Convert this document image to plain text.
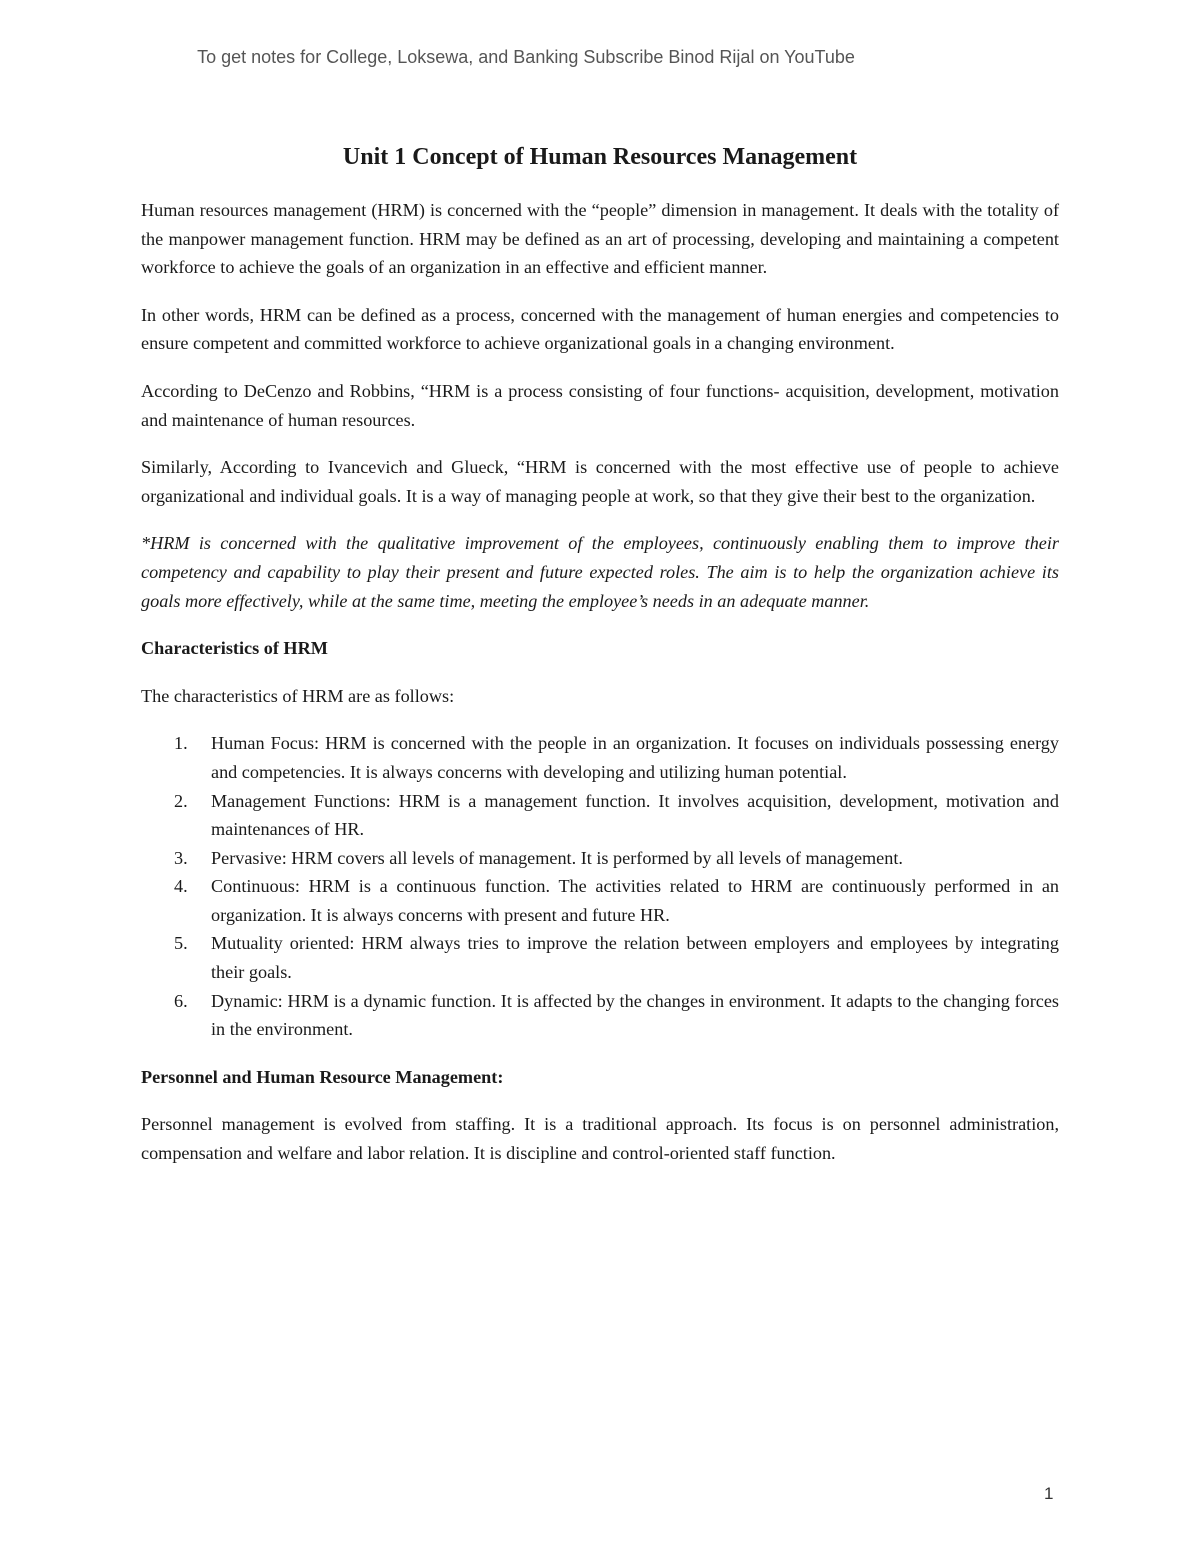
To get notes for College, Loksewa, and Banking Subscribe Binod Rijal on YouTube

Unit 1 Concept of Human Resources Management

Human resources management (HRM) is concerned with the “people” dimension in management. It deals with the totality of the manpower management function. HRM may be defined as an art of processing, developing and maintaining a competent workforce to achieve the goals of an organization in an effective and efficient manner.

In other words, HRM can be defined as a process, concerned with the management of human energies and competencies to ensure competent and committed workforce to achieve organizational goals in a changing environment.

According to DeCenzo and Robbins, “HRM is a process consisting of four functions- acquisition, development, motivation and maintenance of human resources.

Similarly, According to Ivancevich and Glueck, “HRM is concerned with the most effective use of people to achieve organizational and individual goals. It is a way of managing people at work, so that they give their best to the organization.

*HRM is concerned with the qualitative improvement of the employees, continuously enabling them to improve their competency and capability to play their present and future expected roles. The aim is to help the organization achieve its goals more effectively, while at the same time, meeting the employee’s needs in an adequate manner.

Characteristics of HRM

The characteristics of HRM are as follows:

1. Human Focus: HRM is concerned with the people in an organization. It focuses on individuals possessing energy and competencies. It is always concerns with developing and utilizing human potential.
2. Management Functions: HRM is a management function. It involves acquisition, development, motivation and maintenances of HR.
3. Pervasive: HRM covers all levels of management. It is performed by all levels of management.
4. Continuous: HRM is a continuous function. The activities related to HRM are continuously performed in an organization. It is always concerns with present and future HR.
5. Mutuality oriented: HRM always tries to improve the relation between employers and employees by integrating their goals.
6. Dynamic: HRM is a dynamic function. It is affected by the changes in environment. It adapts to the changing forces in the environment.
Personnel and Human Resource Management:

Personnel management is evolved from staffing. It is a traditional approach. Its focus is on personnel administration, compensation and welfare and labor relation. It is discipline and control-oriented staff function.

1
